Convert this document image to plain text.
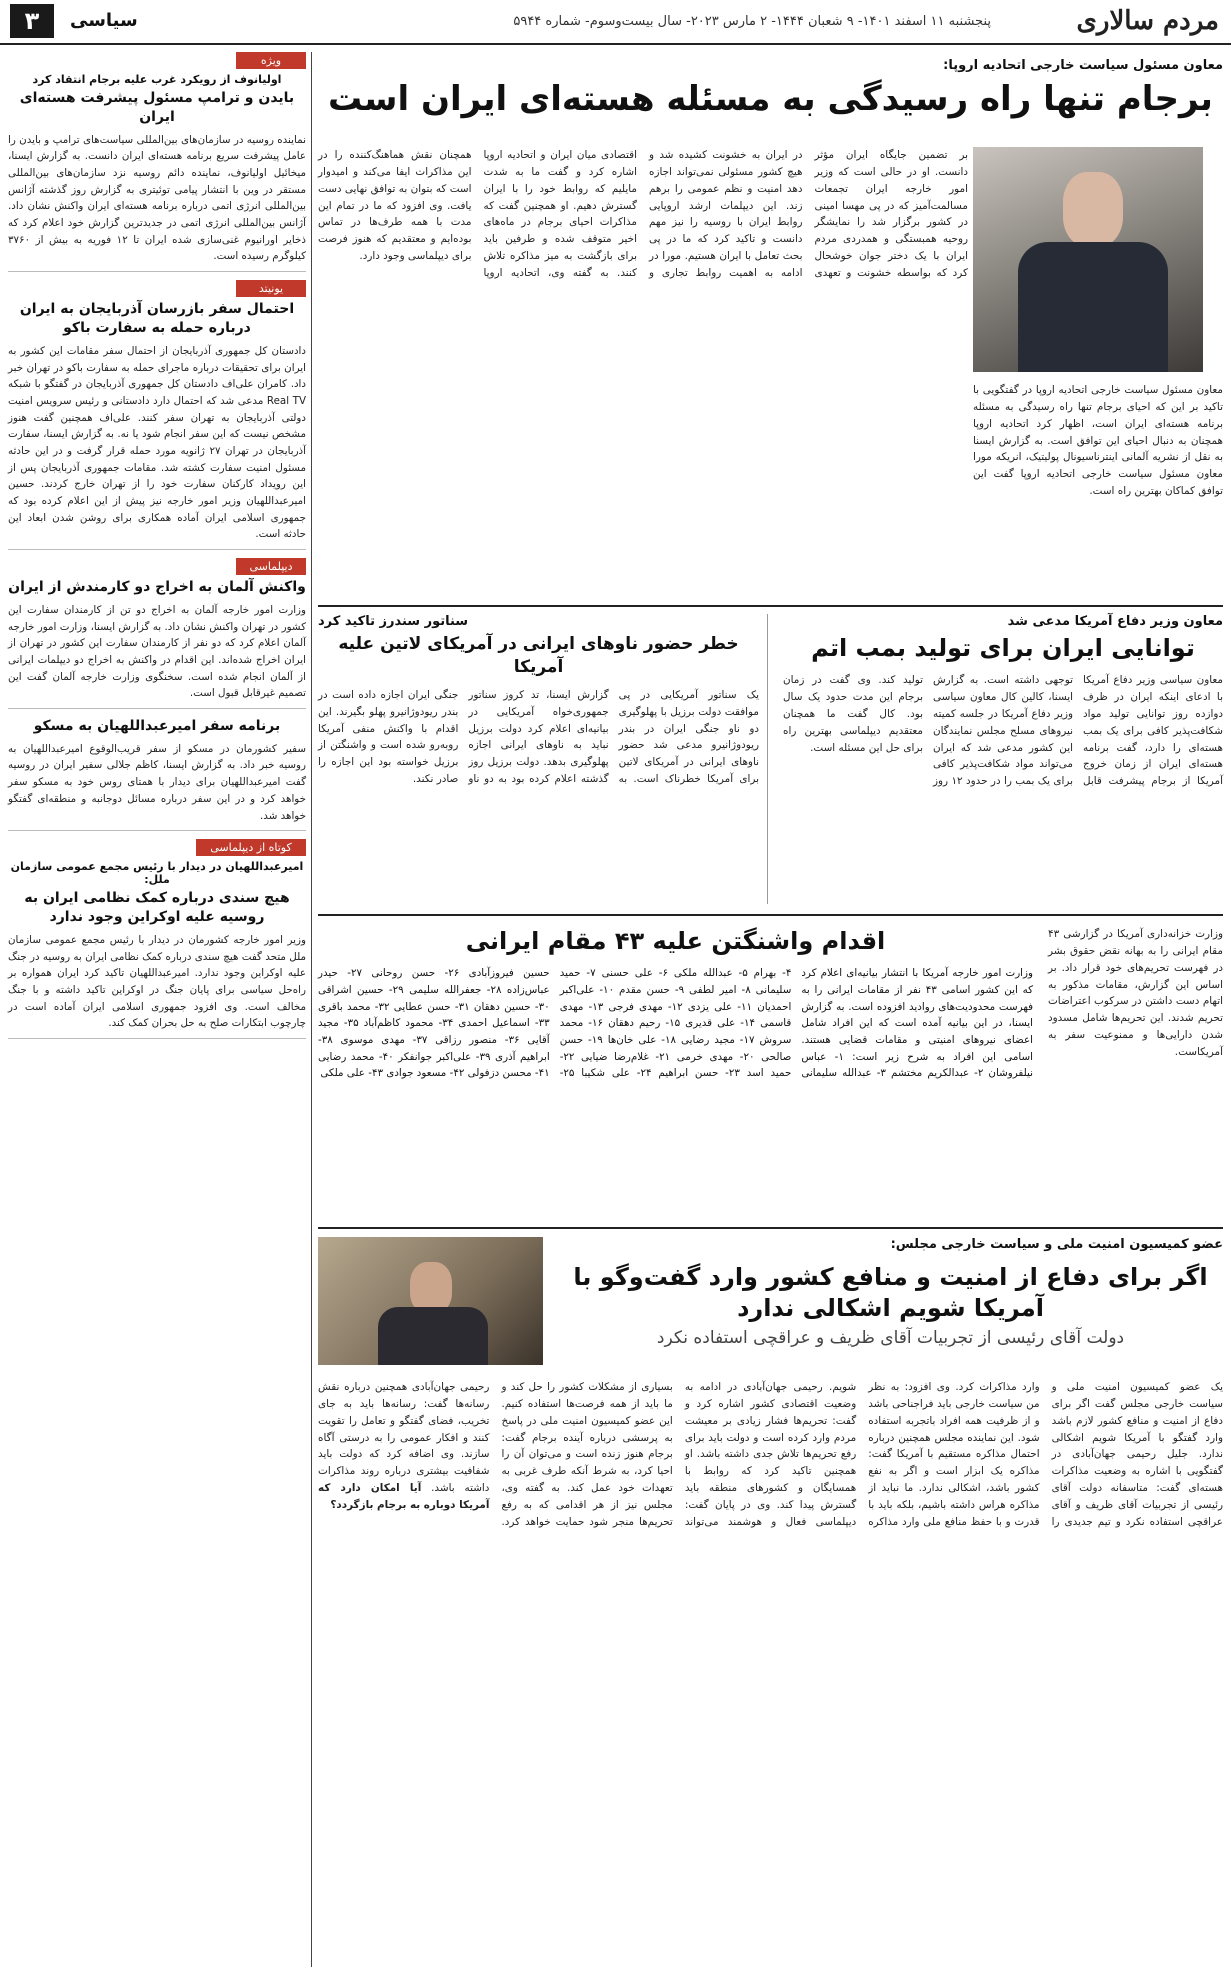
مردم سالاری
پنجشنبه ۱۱ اسفند ۱۴۰۱- ۹ شعبان ۱۴۴۴- ۲ مارس ۲۰۲۳- سال بیست‌وسوم- شماره ۵۹۴۴
سیاسی
۳
ویژه
اولیانوف از رویکرد غرب علیه برجام انتقاد کرد
بایدن و ترامپ مسئول پیشرفت هسته‌ای ایران
نماینده روسیه در سازمان‌های بین‌المللی سیاست‌های ترامپ و بایدن را عامل پیشرفت سریع برنامه هسته‌ای ایران دانست. به گزارش ایسنا، میخائیل اولیانوف، نماینده دائم روسیه نزد سازمان‌های بین‌المللی مستقر در وین با انتشار پیامی توئیتری به گزارش روز گذشته آژانس بین‌المللی انرژی اتمی درباره برنامه هسته‌ای ایران واکنش نشان داد. آژانس بین‌المللی انرژی اتمی در جدیدترین گزارش خود اعلام کرد که ذخایر اورانیوم غنی‌سازی شده ایران تا ۱۲ فوریه به بیش از ۳۷۶۰ کیلوگرم رسیده است.
یونیتد
احتمال سفر بازرسان آذربایجان به ایران درباره حمله به سفارت باکو
دادستان کل جمهوری آذربایجان از احتمال سفر مقامات این کشور به ایران برای تحقیقات درباره ماجرای حمله به سفارت باکو در تهران خبر داد. کامران علی‌اف دادستان کل جمهوری آذربایجان در گفتگو با شبکه Real TV مدعی شد که احتمال دارد دادستانی و رئیس سرویس امنیت دولتی آذربایجان به تهران سفر کنند. علی‌اف همچنین گفت هنوز مشخص نیست که این سفر انجام شود یا نه. به گزارش ایسنا، سفارت آذربایجان در تهران ۲۷ ژانویه مورد حمله قرار گرفت و در این حادثه مسئول امنیت سفارت کشته شد. مقامات جمهوری آذربایجان پس از این رویداد کارکنان سفارت خود را از تهران خارج کردند. حسین امیرعبداللهیان وزیر امور خارجه نیز پیش از این اعلام کرده بود که جمهوری اسلامی ایران آماده همکاری برای روشن شدن ابعاد این حادثه است.
دیپلماسی
واکنش آلمان به اخراج دو کارمندش از ایران
وزارت امور خارجه آلمان به اخراج دو تن از کارمندان سفارت این کشور در تهران واکنش نشان داد. به گزارش ایسنا، وزارت امور خارجه آلمان اعلام کرد که دو نفر از کارمندان سفارت این کشور در تهران از ایران اخراج شده‌اند. این اقدام در واکنش به اخراج دو دیپلمات ایرانی از آلمان انجام شده است. سخنگوی وزارت خارجه آلمان گفت این تصمیم غیرقابل قبول است.
برنامه سفر امیرعبداللهیان به مسکو
سفیر کشورمان در مسکو از سفر قریب‌الوقوع امیرعبداللهیان به روسیه خبر داد. به گزارش ایسنا، کاظم جلالی سفیر ایران در روسیه گفت امیرعبداللهیان برای دیدار با همتای روس خود به مسکو سفر خواهد کرد و در این سفر درباره مسائل دوجانبه و منطقه‌ای گفتگو خواهد شد.
کوتاه از دیپلماسی
امیرعبداللهیان در دیدار با رئیس مجمع عمومی سازمان ملل:
هیچ سندی درباره کمک نظامی ایران به روسیه علیه اوکراین وجود ندارد
وزیر امور خارجه کشورمان در دیدار با رئیس مجمع عمومی سازمان ملل متحد گفت هیچ سندی درباره کمک نظامی ایران به روسیه در جنگ علیه اوکراین وجود ندارد. امیرعبداللهیان تاکید کرد ایران همواره بر راه‌حل سیاسی برای پایان جنگ در اوکراین تاکید داشته و با جنگ مخالف است. وی افزود جمهوری اسلامی ایران آماده است در چارچوب ابتکارات صلح به حل بحران کمک کند.
معاون مسئول سیاست خارجی اتحادیه اروپا:
برجام تنها راه رسیدگی به مسئله هسته‌ای ایران است
معاون مسئول سیاست خارجی اتحادیه اروپا در گفتگویی با تاکید بر این که احیای برجام تنها راه رسیدگی به مسئله برنامه هسته‌ای ایران است، اظهار کرد اتحادیه اروپا همچنان به دنبال احیای این توافق است. به گزارش ایسنا به نقل از نشریه آلمانی اینترناسیونال پولیتیک، انریکه مورا معاون مسئول سیاست خارجی اتحادیه اروپا گفت این توافق کماکان بهترین راه است.
بر تضمین جایگاه ایران مؤثر دانست. او در حالی است که وزیر امور خارجه ایران تجمعات مسالمت‌آمیز که در پی مهسا امینی در کشور برگزار شد را نمایشگر روحیه همبستگی و همدردی مردم ایران با یک دختر جوان خوشحال کرد که بواسطه خشونت و تعهدی در ایران به خشونت کشیده شد و هیچ کشور مسئولی نمی‌تواند اجازه دهد امنیت و نظم عمومی را برهم زند. این دیپلمات ارشد اروپایی روابط ایران با روسیه را نیز مهم دانست و تاکید کرد که ما در پی بحث تعامل با ایران هستیم. مورا در ادامه به اهمیت روابط تجاری و اقتصادی میان ایران و اتحادیه اروپا اشاره کرد و گفت ما به شدت مایلیم که روابط خود را با ایران گسترش دهیم. او همچنین گفت که مذاکرات احیای برجام در ماه‌های اخیر متوقف شده و طرفین باید برای بازگشت به میز مذاکره تلاش کنند. به گفته وی، اتحادیه اروپا همچنان نقش هماهنگ‌کننده را در این مذاکرات ایفا می‌کند و امیدوار است که بتوان به توافق نهایی دست یافت. وی افزود که ما در تمام این مدت با همه طرف‌ها در تماس بوده‌ایم و معتقدیم که هنوز فرصت برای دیپلماسی وجود دارد.
معاون وزیر دفاع آمریکا مدعی شد
توانایی ایران برای تولید بمب اتم
معاون سیاسی وزیر دفاع آمریکا با ادعای اینکه ایران در ظرف دوازده روز توانایی تولید مواد شکافت‌پذیر کافی برای یک بمب هسته‌ای را دارد، گفت برنامه هسته‌ای ایران از زمان خروج آمریکا از برجام پیشرفت قابل توجهی داشته است. به گزارش ایسنا، کالین کال معاون سیاسی وزیر دفاع آمریکا در جلسه کمیته نیروهای مسلح مجلس نمایندگان این کشور مدعی شد که ایران می‌تواند مواد شکافت‌پذیر کافی برای یک بمب را در حدود ۱۲ روز تولید کند. وی گفت در زمان برجام این مدت حدود یک سال بود. کال گفت ما همچنان معتقدیم دیپلماسی بهترین راه برای حل این مسئله است.
سناتور سندرز تاکید کرد
خطر حضور ناوهای ایرانی در آمریکای لاتین علیه آمریکا
یک سناتور آمریکایی در پی موافقت دولت برزیل با پهلوگیری دو ناو جنگی ایران در بندر ریودوژانیرو مدعی شد حضور ناوهای ایرانی در آمریکای لاتین برای آمریکا خطرناک است. به گزارش ایسنا، تد کروز سناتور جمهوری‌خواه آمریکایی در بیانیه‌ای اعلام کرد دولت برزیل نباید به ناوهای ایرانی اجازه پهلوگیری بدهد. دولت برزیل روز گذشته اعلام کرده بود به دو ناو جنگی ایران اجازه داده است در بندر ریودوژانیرو پهلو بگیرند. این اقدام با واکنش منفی آمریکا روبه‌رو شده است و واشنگتن از برزیل خواسته بود این اجازه را صادر نکند.
وزارت خزانه‌داری آمریکا در گزارشی ۴۳ مقام ایرانی را به بهانه نقض حقوق بشر در فهرست تحریم‌های خود قرار داد. بر اساس این گزارش، مقامات مذکور به اتهام دست داشتن در سرکوب اعتراضات تحریم شدند. این تحریم‌ها شامل مسدود شدن دارایی‌ها و ممنوعیت سفر به آمریکاست.
اقدام واشنگتن علیه ۴۳ مقام ایرانی
وزارت امور خارجه آمریکا با انتشار بیانیه‌ای اعلام کرد که این کشور اسامی ۴۳ نفر از مقامات ایرانی را به فهرست محدودیت‌های روادید افزوده است. به گزارش ایسنا، در این بیانیه آمده است که این افراد شامل اعضای نیروهای امنیتی و مقامات قضایی هستند. اسامی این افراد به شرح زیر است: ۱- عباس نیلفروشان ۲- عبدالکریم مختشم ۳- عبدالله سلیمانی ۴- بهرام ۵- عبدالله ملکی ۶- علی حسنی ۷- حمید سلیمانی ۸- امیر لطفی ۹- حسن مقدم ۱۰- علی‌اکبر احمدیان ۱۱- علی یزدی ۱۲- مهدی فرجی ۱۳- مهدی قاسمی ۱۴- علی قدیری ۱۵- رحیم دهقان ۱۶- محمد سروش ۱۷- مجید رضایی ۱۸- علی خان‌ها ۱۹- حسن صالحی ۲۰- مهدی خرمی ۲۱- غلام‌رضا ضیایی ۲۲- حمید اسد ۲۳- حسن ابراهیم ۲۴- علی شکیبا ۲۵- حسین فیروزآبادی ۲۶- حسن روحانی ۲۷- حیدر عباس‌زاده ۲۸- جعفرالله سلیمی ۲۹- حسین اشراقی ۳۰- حسین دهقان ۳۱- حسن عطایی ۳۲- محمد باقری ۳۳- اسماعیل احمدی ۳۴- محمود کاظم‌آباد ۳۵- مجید آقایی ۳۶- منصور رزاقی ۳۷- مهدی موسوی ۳۸- ابراهیم آذری ۳۹- علی‌اکبر جوانفکر ۴۰- محمد رضایی ۴۱- محسن دزفولی ۴۲- مسعود جوادی ۴۳- علی ملکی
عضو کمیسیون امنیت ملی و سیاست خارجی مجلس:
اگر برای دفاع از امنیت و منافع کشور وارد گفت‌وگو با آمریکا شویم اشکالی ندارد
دولت آقای رئیسی از تجربیات آقای ظریف و عراقچی استفاده نکرد
یک عضو کمیسیون امنیت ملی و سیاست خارجی مجلس گفت اگر برای دفاع از امنیت و منافع کشور لازم باشد وارد گفتگو با آمریکا شویم اشکالی ندارد. جلیل رحیمی جهان‌آبادی در گفتگویی با اشاره به وضعیت مذاکرات هسته‌ای گفت: متاسفانه دولت آقای رئیسی از تجربیات آقای ظریف و آقای عراقچی استفاده نکرد و تیم جدیدی را وارد مذاکرات کرد. وی افزود: به نظر من سیاست خارجی باید فراجناحی باشد و از ظرفیت همه افراد باتجربه استفاده شود. این نماینده مجلس همچنین درباره احتمال مذاکره مستقیم با آمریکا گفت: مذاکره یک ابزار است و اگر به نفع کشور باشد، اشکالی ندارد. ما نباید از مذاکره هراس داشته باشیم، بلکه باید با قدرت و با حفظ منافع ملی وارد مذاکره شویم. رحیمی جهان‌آبادی در ادامه به وضعیت اقتصادی کشور اشاره کرد و گفت: تحریم‌ها فشار زیادی بر معیشت مردم وارد کرده است و دولت باید برای رفع تحریم‌ها تلاش جدی داشته باشد. او همچنین تاکید کرد که روابط با همسایگان و کشورهای منطقه باید گسترش پیدا کند. وی در پایان گفت: دیپلماسی فعال و هوشمند می‌تواند بسیاری از مشکلات کشور را حل کند و ما باید از همه فرصت‌ها استفاده کنیم. این عضو کمیسیون امنیت ملی در پاسخ به پرسشی درباره آینده برجام گفت: برجام هنوز زنده است و می‌توان آن را احیا کرد، به شرط آنکه طرف غربی به تعهدات خود عمل کند. به گفته وی، مجلس نیز از هر اقدامی که به رفع تحریم‌ها منجر شود حمایت خواهد کرد. رحیمی جهان‌آبادی همچنین درباره نقش رسانه‌ها گفت: رسانه‌ها باید به جای تخریب، فضای گفتگو و تعامل را تقویت کنند و افکار عمومی را به درستی آگاه سازند. وی اضافه کرد که دولت باید شفافیت بیشتری درباره روند مذاکرات داشته باشد. آیا امکان دارد که آمریکا دوباره به برجام بازگردد؟
